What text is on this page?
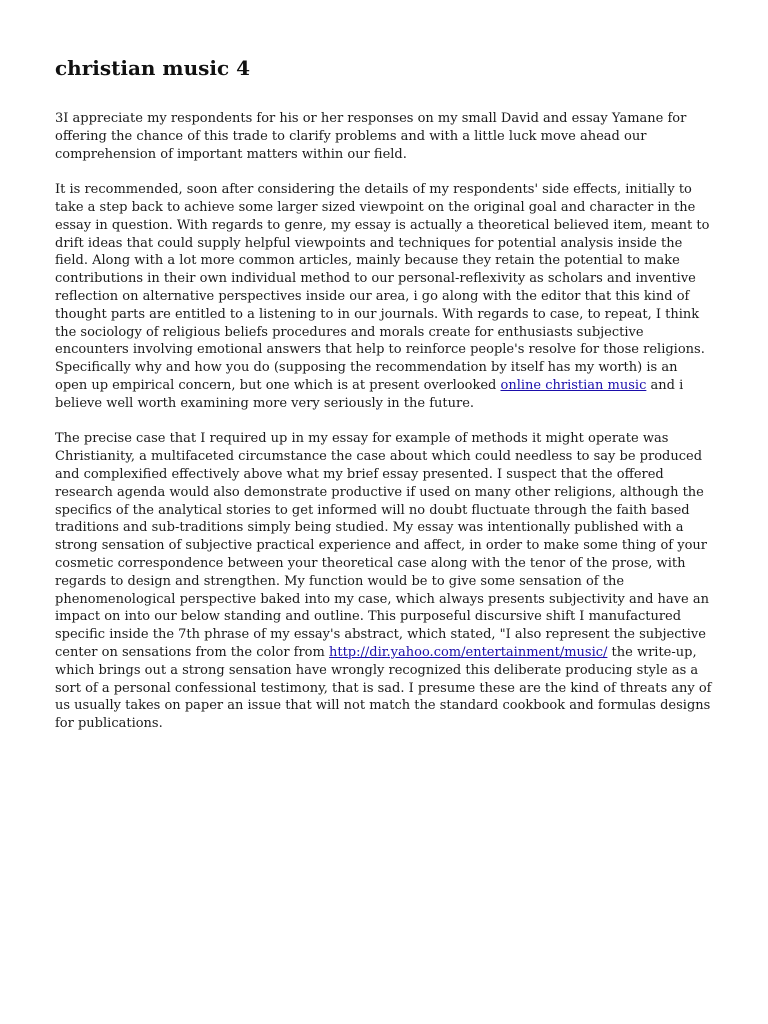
christian music 4

3I appreciate my respondents for his or her responses on my small David and essay Yamane for offering the chance of this trade to clarify problems and with a little luck move ahead our comprehension of important matters within our field.

It is recommended, soon after considering the details of my respondents' side effects, initially to take a step back to achieve some larger sized viewpoint on the original goal and character in the essay in question. With regards to genre, my essay is actually a theoretical believed item, meant to drift ideas that could supply helpful viewpoints and techniques for potential analysis inside the field. Along with a lot more common articles, mainly because they retain the potential to make contributions in their own individual method to our personal-reflexivity as scholars and inventive reflection on alternative perspectives inside our area, i go along with the editor that this kind of thought parts are entitled to a listening to in our journals. With regards to case, to repeat, I think the sociology of religious beliefs procedures and morals create for enthusiasts subjective encounters involving emotional answers that help to reinforce people's resolve for those religions. Specifically why and how you do (supposing the recommendation by itself has my worth) is an open up empirical concern, but one which is at present overlooked online christian music and i believe well worth examining more very seriously in the future.

The precise case that I required up in my essay for example of methods it might operate was Christianity, a multifaceted circumstance the case about which could needless to say be produced and complexified effectively above what my brief essay presented. I suspect that the offered research agenda would also demonstrate productive if used on many other religions, although the specifics of the analytical stories to get informed will no doubt fluctuate through the faith based traditions and sub-traditions simply being studied. My essay was intentionally published with a strong sensation of subjective practical experience and affect, in order to make some thing of your cosmetic correspondence between your theoretical case along with the tenor of the prose, with regards to design and strengthen. My function would be to give some sensation of the phenomenological perspective baked into my case, which always presents subjectivity and have an impact on into our below standing and outline. This purposeful discursive shift I manufactured specific inside the 7th phrase of my essay's abstract, which stated, "I also represent the subjective center on sensations from the color from http://dir.yahoo.com/entertainment/music/ the write-up, which brings out a strong sensation have wrongly recognized this deliberate producing style as a sort of a personal confessional testimony, that is sad. I presume these are the kind of threats any of us usually takes on paper an issue that will not match the standard cookbook and formulas designs for publications.
